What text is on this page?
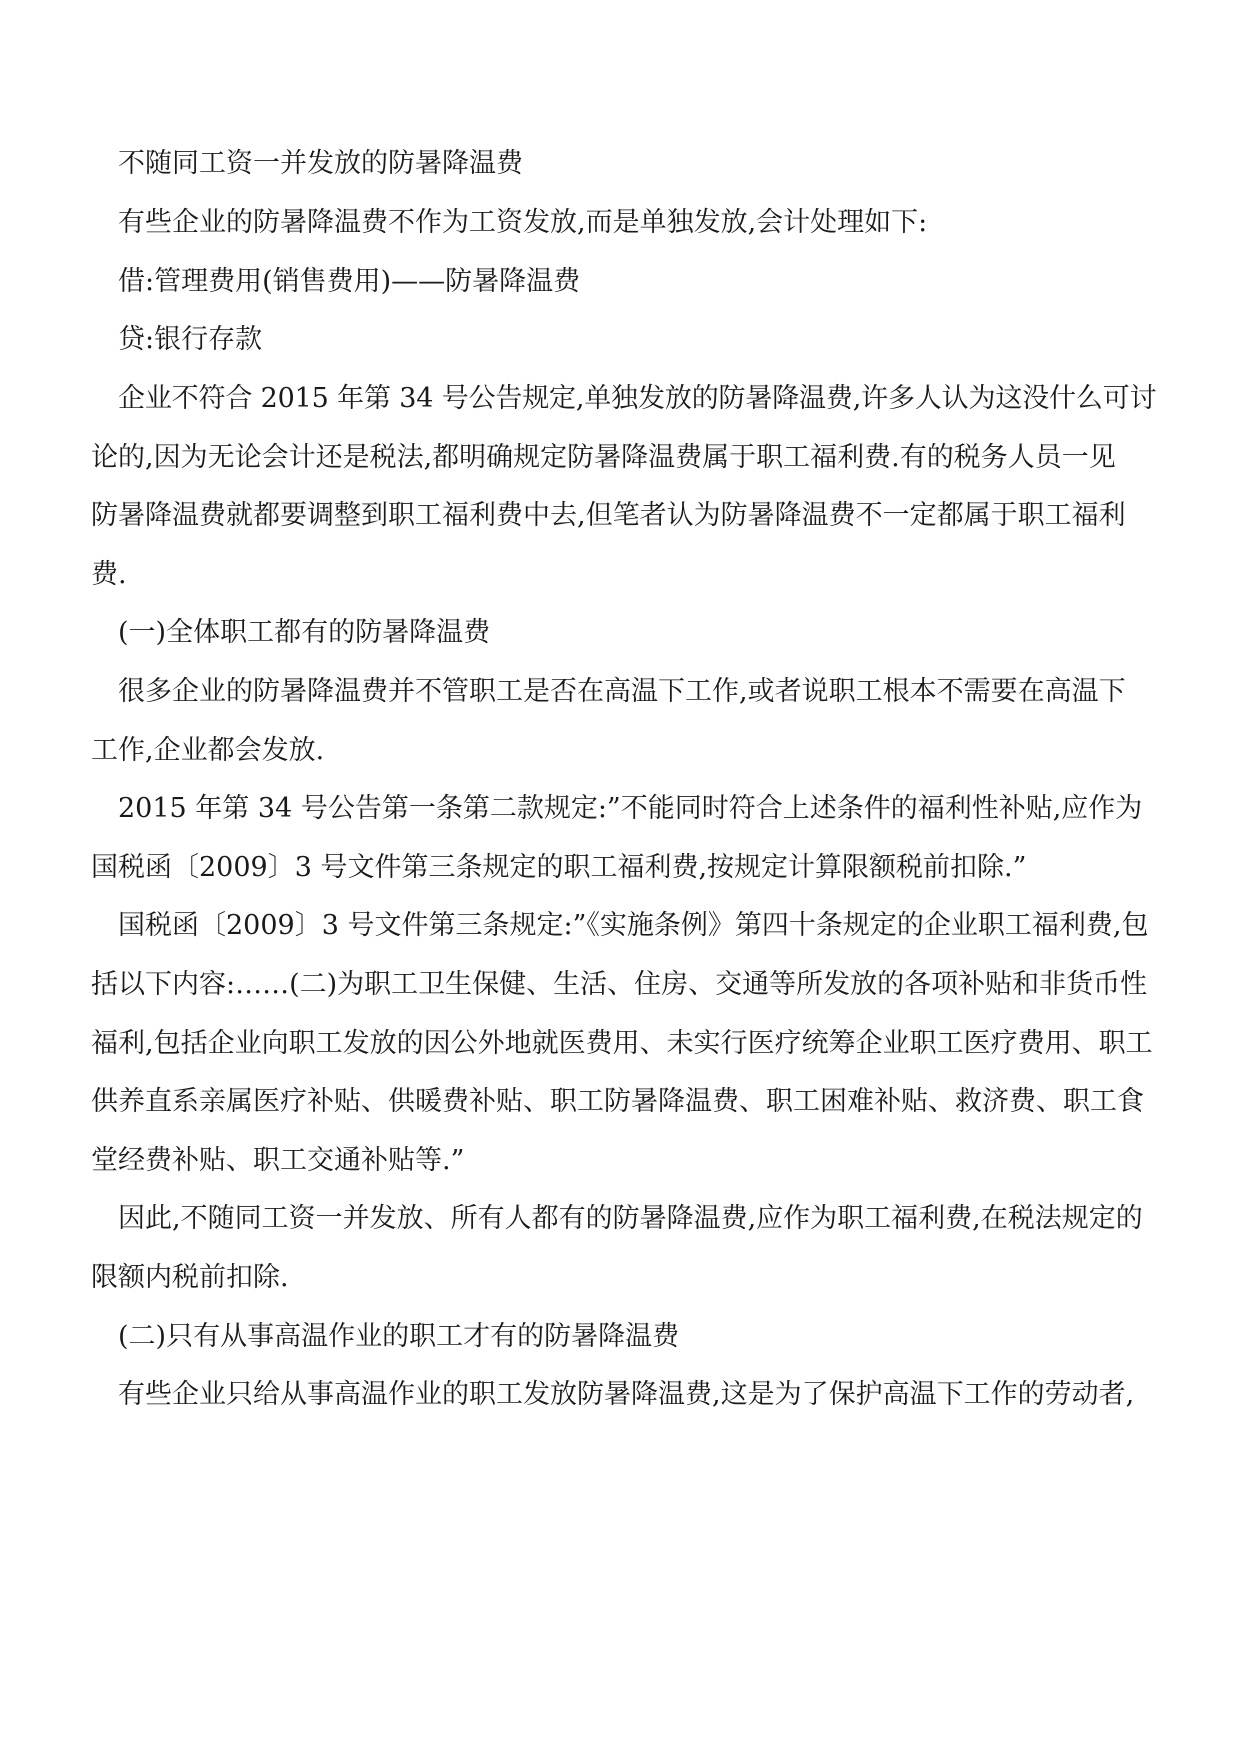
不随同工资一并发放的防暑降温费
有些企业的防暑降温费不作为工资发放,而是单独发放,会计处理如下:
借:管理费用(销售费用)——防暑降温费
贷:银行存款
企业不符合 2015 年第 34 号公告规定,单独发放的防暑降温费,许多人认为这没什么可讨
论的,因为无论会计还是税法,都明确规定防暑降温费属于职工福利费.有的税务人员一见
防暑降温费就都要调整到职工福利费中去,但笔者认为防暑降温费不一定都属于职工福利
费.
(一)全体职工都有的防暑降温费
很多企业的防暑降温费并不管职工是否在高温下工作,或者说职工根本不需要在高温下
工作,企业都会发放.
2015 年第 34 号公告第一条第二款规定:”不能同时符合上述条件的福利性补贴,应作为
国税函〔2009〕3 号文件第三条规定的职工福利费,按规定计算限额税前扣除.”
国税函〔2009〕3 号文件第三条规定:”《实施条例》第四十条规定的企业职工福利费,包
括以下内容:……(二)为职工卫生保健、生活、住房、交通等所发放的各项补贴和非货币性
福利,包括企业向职工发放的因公外地就医费用、未实行医疗统筹企业职工医疗费用、职工
供养直系亲属医疗补贴、供暖费补贴、职工防暑降温费、职工困难补贴、救济费、职工食
堂经费补贴、职工交通补贴等.”
因此,不随同工资一并发放、所有人都有的防暑降温费,应作为职工福利费,在税法规定的
限额内税前扣除.
(二)只有从事高温作业的职工才有的防暑降温费
有些企业只给从事高温作业的职工发放防暑降温费,这是为了保护高温下工作的劳动者,
